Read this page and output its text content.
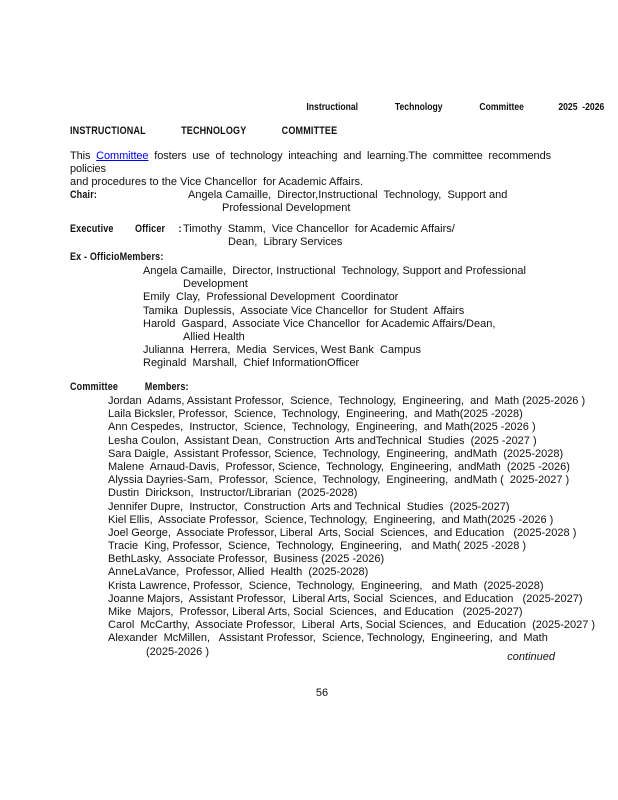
Instructional Technology Committee	2025  -2026
INSTRUCTIONAL TECHNOLOGY COMMITTEE
This Committee fosters use of technology inteaching and learning.The committee recommends policies
and procedures to the Vice Chancellor  for Academic Affairs.
Chair:	Angela Camaille,  Director,Instructional  Technology,  Support and
Professional Development
Executive        Officer     : Timothy  Stamm,  Vice Chancellor  for Academic Affairs/
Dean,  Library Services
Ex - OfficioMembers:
Angela Camaille,  Director, Instructional  Technology, Support and Professional
Development
Emily  Clay,  Professional Development  Coordinator
Tamika  Duplessis,  Associate Vice Chancellor  for Student  Affairs
Harold  Gaspard,  Associate Vice Chancellor  for Academic Affairs/Dean,
Allied Health
Julianna  Herrera,  Media  Services, West Bank  Campus
Reginald  Marshall,  Chief InformationOfficer
Committee          Members:
Jordan  Adams, Assistant Professor,  Science,  Technology,  Engineering,  and  Math (2025-2026 )
Laila Bicksler, Professor,  Science,  Technology,  Engineering,  and Math(2025 -2028)
Ann Cespedes,  Instructor,  Science,  Technology,  Engineering,  and Math(2025 -2026 )
Lesha Coulon,  Assistant Dean,  Construction  Arts andTechnical  Studies  (2025 -2027 )
Sara Daigle,  Assistant Professor, Science,  Technology,  Engineering,  andMath  (2025-2028)
Malene  Arnaud-Davis,  Professor, Science,  Technology,  Engineering,  andMath  (2025 -2026)
Alyssia Dayries-Sam,  Professor,  Science,  Technology,  Engineering,  andMath (  2025-2027 )
Dustin  Dirickson,  Instructor/Librarian  (2025-2028)
Jennifer Dupre,  Instructor,  Construction  Arts and Technical  Studies  (2025-2027)
Kiel Ellis,  Associate Professor,  Science, Technology,  Engineering,  and Math(2025 -2026 )
Joel George,  Associate Professor, Liberal  Arts, Social  Sciences,  and Education   (2025-2028 )
Tracie  King, Professor,  Science,  Technology,  Engineering,   and Math( 2025 -2028 )
BethLasky,  Associate Professor,  Business (2025 -2026)
AnneLaVance,  Professor, Allied  Health  (2025-2028)
Krista Lawrence, Professor,  Science,  Technology,  Engineering,   and Math  (2025-2028)
Joanne Majors,  Assistant Professor,  Liberal Arts, Social  Sciences,  and Education   (2025-2027)
Mike  Majors,  Professor, Liberal Arts, Social  Sciences,  and Education   (2025-2027)
Carol  McCarthy,  Associate Professor,  Liberal  Arts, Social Sciences,  and  Education  (2025-2027 )
Alexander  McMillen,   Assistant Professor,  Science, Technology,  Engineering,  and  Math
(2025-2026 )	continued
56
